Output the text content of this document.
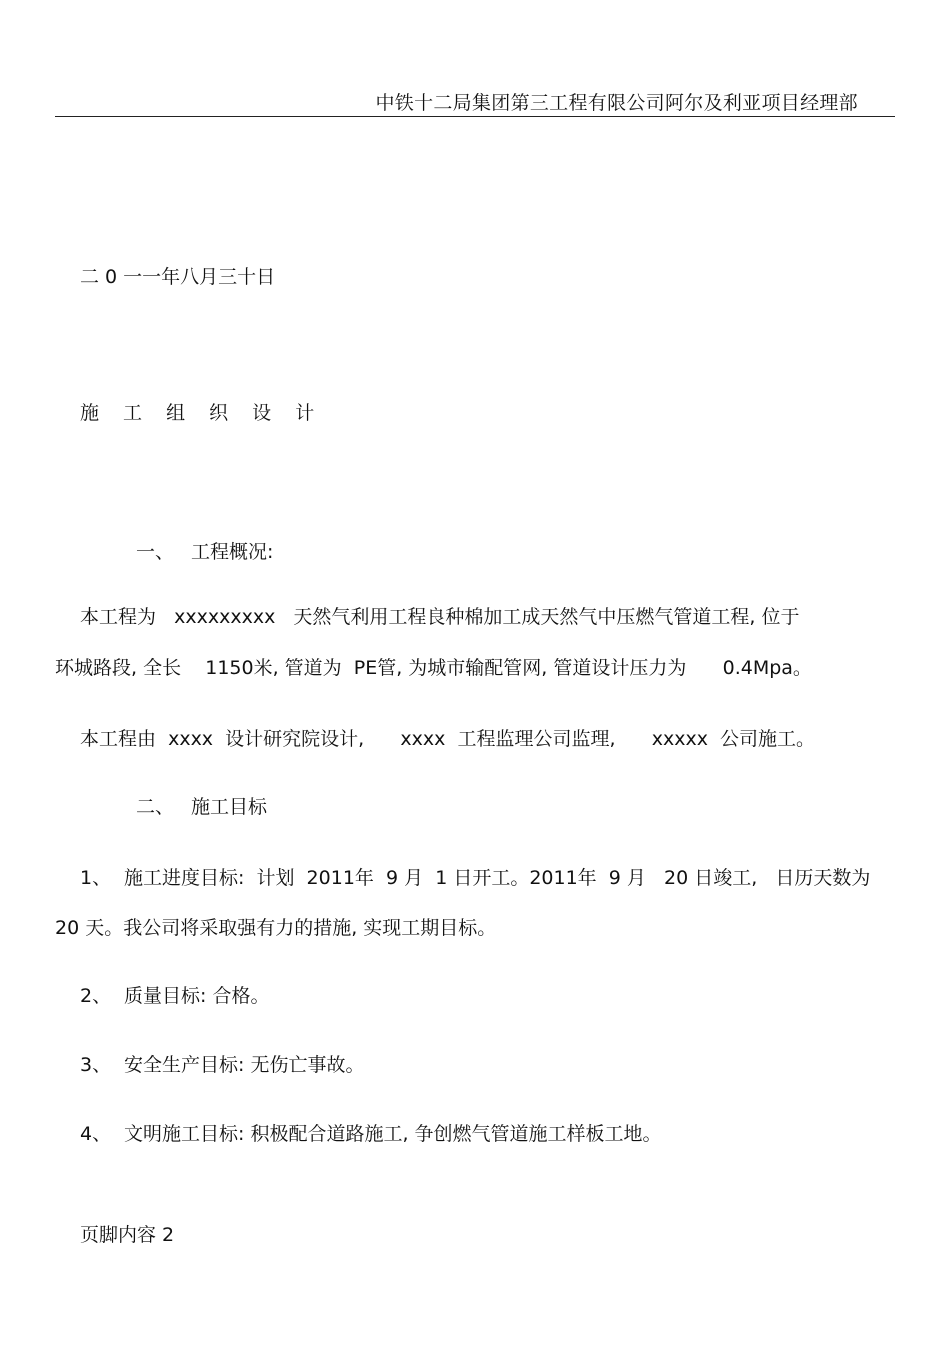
中铁十二局集团第三工程有限公司阿尔及利亚项目经理部
二 0 一一年八月三十日
施 工 组 织 设 计
一、 工程概况:
本工程为   xxxxxxxxx   天然气利用工程良种棉加工成天然气中压燃气管道工程, 位于
环城路段, 全长    1150米, 管道为  PE管, 为城市输配管网, 管道设计压力为      0.4Mpa。
本工程由  xxxx  设计研究院设计,      xxxx  工程监理公司监理,      xxxxx  公司施工。
二、 施工目标
1、 施工进度目标:  计划  2011年  9 月  1 日开工。2011年  9 月   20 日竣工,   日历天数为
20 天。我公司将采取强有力的措施, 实现工期目标。
2、 质量目标: 合格。
3、 安全生产目标: 无伤亡事故。
4、 文明施工目标: 积极配合道路施工, 争创燃气管道施工样板工地。
页脚内容 2
